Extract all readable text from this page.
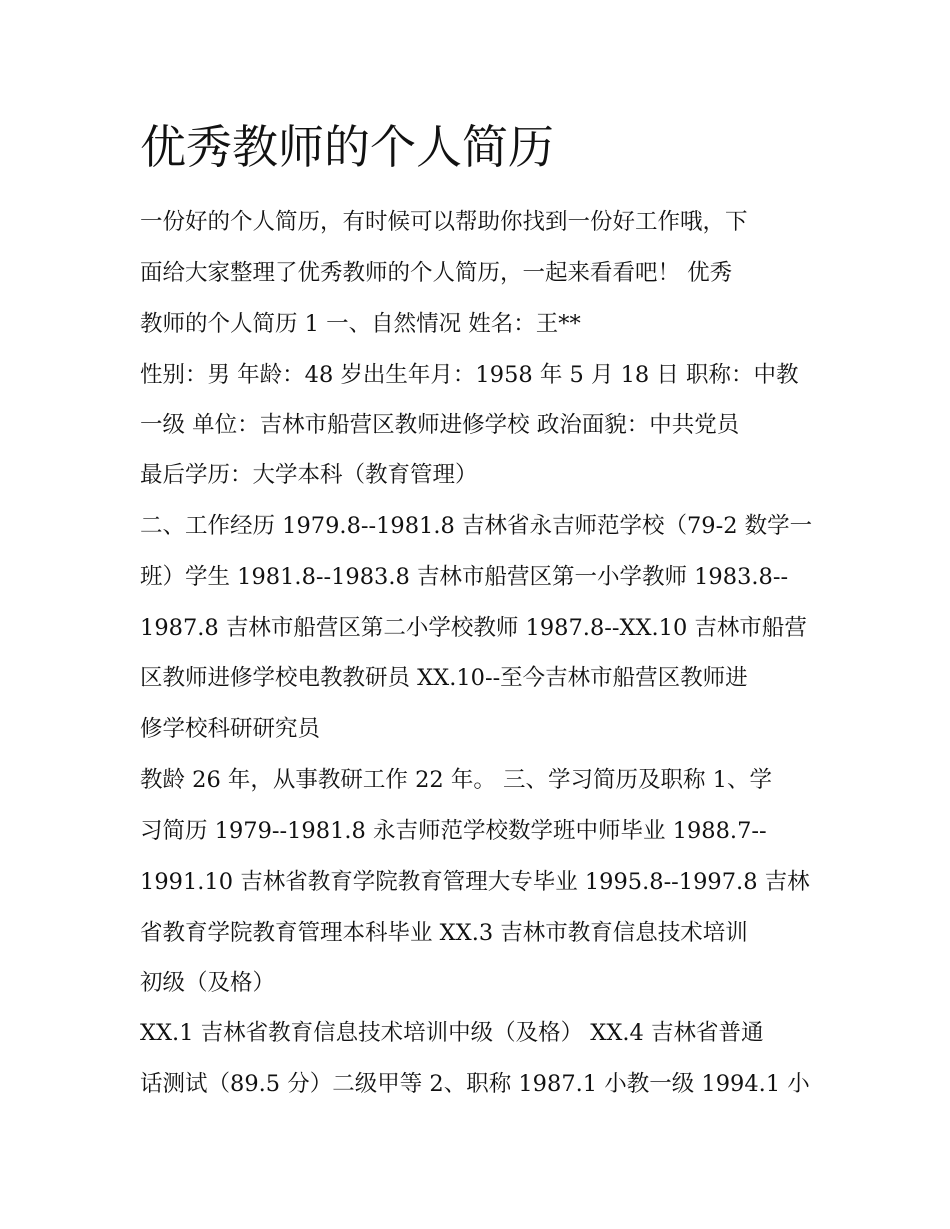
优秀教师的个人简历

一份好的个人简历，有时候可以帮助你找到一份好工作哦，下

面给大家整理了优秀教师的个人简历，一起来看看吧！ 优秀

教师的个人简历 1 一、自然情况 姓名：王**

性别：男 年龄：48 岁出生年月：1958 年 5 月 18 日 职称：中教

一级 单位：吉林市船营区教师进修学校 政治面貌：中共党员

最后学历：大学本科（教育管理）

二、工作经历 1979.8--1981.8 吉林省永吉师范学校（79-2 数学一

班）学生 1981.8--1983.8 吉林市船营区第一小学教师 1983.8--

1987.8 吉林市船营区第二小学校教师 1987.8--XX.10 吉林市船营

区教师进修学校电教教研员 XX.10--至今吉林市船营区教师进

修学校科研研究员

教龄 26 年，从事教研工作 22 年。 三、学习简历及职称 1、学

习简历 1979--1981.8 永吉师范学校数学班中师毕业 1988.7--

1991.10 吉林省教育学院教育管理大专毕业 1995.8--1997.8 吉林

省教育学院教育管理本科毕业 XX.3 吉林市教育信息技术培训

初级（及格）

XX.1 吉林省教育信息技术培训中级（及格） XX.4 吉林省普通

话测试（89.5 分）二级甲等 2、职称 1987.1 小教一级 1994.1 小
